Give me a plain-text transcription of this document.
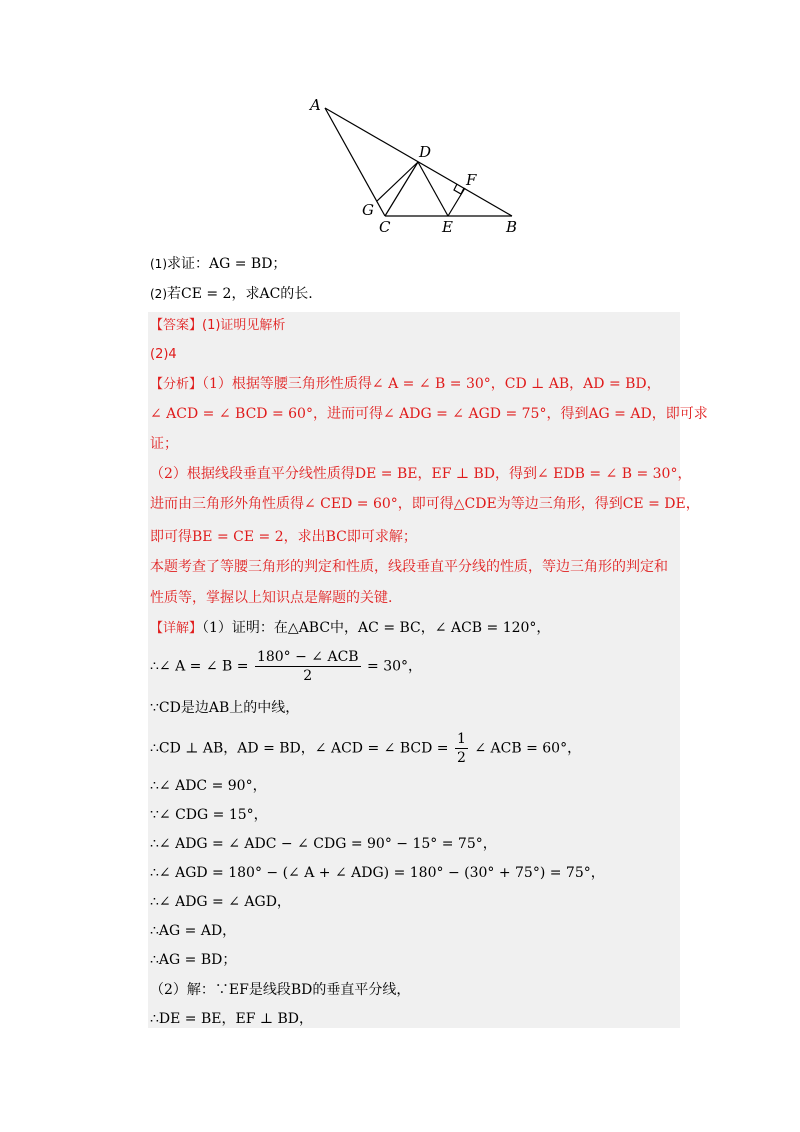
A
D
F
G
C	E	B
(1)求证：AG = BD；
(2)若CE = 2，求AC的长.
【答案】(1)证明见解析
(2)4
【分析】（1）根据等腰三角形性质得∠ A = ∠ B = 30°，CD ⊥ AB，AD = BD，
∠ ACD = ∠ BCD = 60°，进而可得∠ ADG = ∠ AGD = 75°，得到AG = AD，即可求
证；
（2）根据线段垂直平分线性质得DE = BE，EF ⊥ BD，得到∠ EDB = ∠ B = 30°，
进而由三角形外角性质得∠ CED = 60°，即可得△CDE为等边三角形，得到CE = DE，
即可得BE = CE = 2，求出BC即可求解；
本题考查了等腰三角形的判定和性质，线段垂直平分线的性质，等边三角形的判定和
性质等，掌握以上知识点是解题的关键.
【详解】（1）证明：在△ABC中，AC = BC，∠ ACB = 120°，
∴∠ A = ∠ $B = \frac{\text{180° − ∠ ACB}}{2} = 30^\circ$，
∵CD是边AB上的中线，
∴CD ⊥ AB，AD = BD，∠ ACD = ∠ BCD = $\frac{1}{2}$ ∠ ACB = 60°，
∴∠ ADC = 90°，
∵∠ CDG = 15°，
∴∠ ADG = ∠ ADC − ∠ CDG = 90° − 15° = 75°，
∴∠ AGD = 180° − (∠ A + ∠ ADG) = 180° − (30° + 75°) = 75°，
∴∠ ADG = ∠ AGD，
∴AG = AD，
∴AG = BD；
（2）解：∵EF是线段BD的垂直平分线，
∴DE = BE，EF ⊥ BD，
